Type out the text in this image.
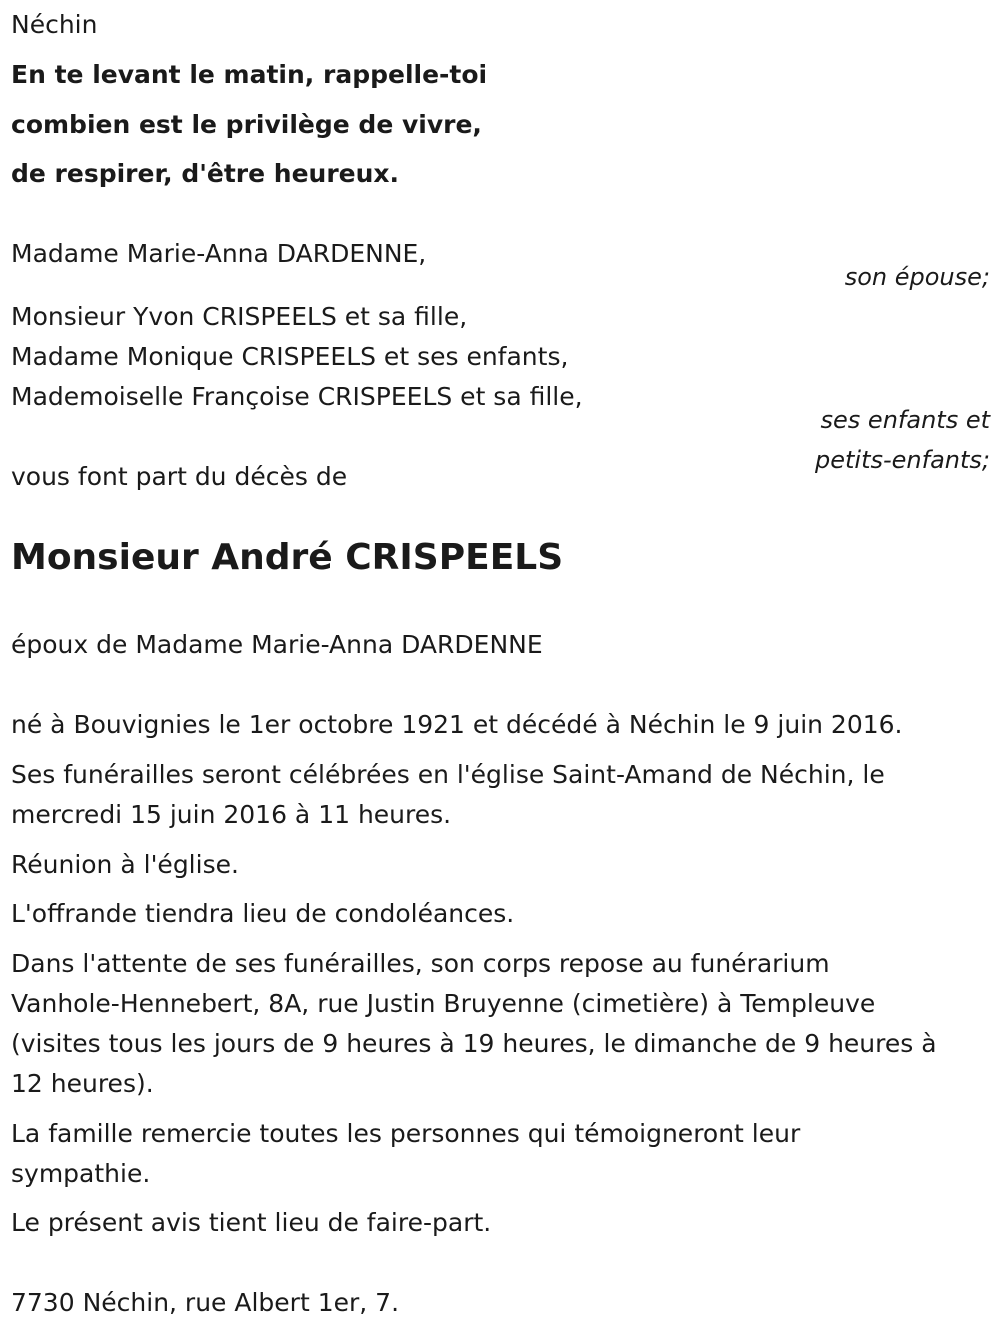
Néchin

En te levant le matin, rappelle-toi

combien est le privilège de vivre,

de respirer, d'être heureux.

Madame Marie-Anna DARDENNE,

son épouse;

Monsieur Yvon CRISPEELS et sa fille,

Madame Monique CRISPEELS et ses enfants,

Mademoiselle Françoise CRISPEELS et sa fille,

ses enfants et

petits-enfants;

vous font part du décès de

Monsieur André CRISPEELS

époux de Madame Marie-Anna DARDENNE

né à Bouvignies le 1er octobre 1921 et décédé à Néchin le 9 juin 2016.

Ses funérailles seront célébrées en l'église Saint-Amand de Néchin, le

mercredi 15 juin 2016 à 11 heures.

Réunion à l'église.

L'offrande tiendra lieu de condoléances.

Dans l'attente de ses funérailles, son corps repose au funérarium

Vanhole-Hennebert, 8A, rue Justin Bruyenne (cimetière) à Templeuve

(visites tous les jours de 9 heures à 19 heures, le dimanche de 9 heures à

12 heures).

La famille remercie toutes les personnes qui témoigneront leur

sympathie.

Le présent avis tient lieu de faire-part.

7730 Néchin, rue Albert 1er, 7.
